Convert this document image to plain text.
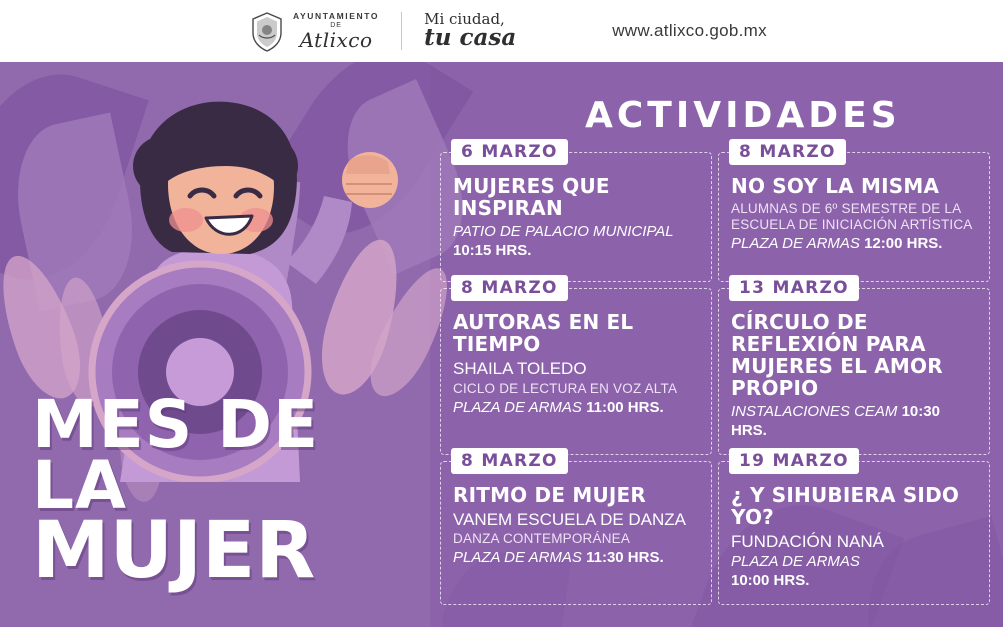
AYUNTAMIENTO
DE
Atlixco
Mi ciudad,
tu casa	www.atlixco.gob.mx
MES DE LA
MUJER
ACTIVIDADES
6 MARZO
MUJERES QUE INSPIRAN
PATIO DE PALACIO MUNICIPAL
10:15 HRS.
8 MARZO
NO SOY LA MISMA
ALUMNAS DE 6º SEMESTRE DE LA ESCUELA DE INICIACIÓN ARTÍSTICA
PLAZA DE ARMAS 12:00 HRS.
8 MARZO
AUTORAS EN EL TIEMPO
SHAILA TOLEDO
CICLO DE LECTURA EN VOZ ALTA
PLAZA DE ARMAS 11:00 HRS.
13 MARZO
CÍRCULO DE REFLEXIÓN PARA MUJERES EL AMOR PROPIO
INSTALACIONES CEAM 10:30 HRS.
8 MARZO
RITMO DE MUJER
VANEM ESCUELA DE DANZA
DANZA CONTEMPORÁNEA
PLAZA DE ARMAS 11:30 HRS.
19 MARZO
¿ Y SIHUBIERA SIDO YO?
FUNDACIÓN NANÁ
PLAZA DE ARMAS
10:00 HRS.
